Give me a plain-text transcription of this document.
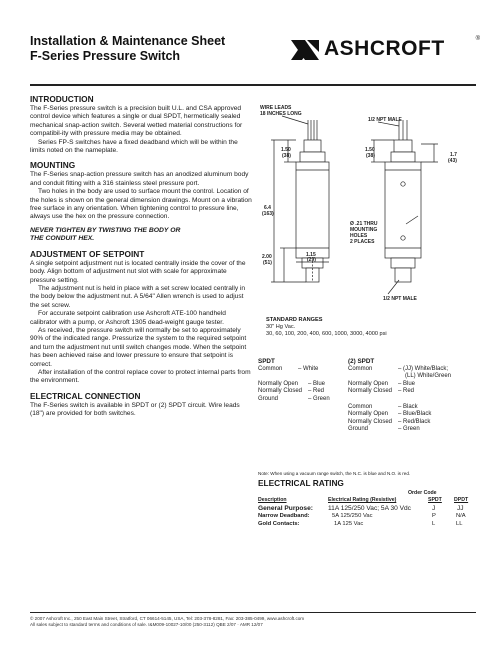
Installation & Maintenance Sheet
F-Series Pressure Switch	ASHCROFT	®
INTRODUCTION

The F-Series pressure switch is a precision built U.L. and CSA approved control device which features a single or dual SPDT, hermetically sealed mechanical snap-action switch. Several wetted material constructions for compatibil-ity with pressure media may be obtained.

Series FP-S switches have a fixed deadband which will be within the limits noted on the nameplate.

MOUNTING

The F-Series snap-action pressure switch has an anodized aluminum body and conduit fitting with a 316 stainless steel pressure port.

Two holes in the body are used to surface mount the control. Location of the holes is shown on the general dimension drawings. Mount on a vibration free surface in any orientation. When tightening control to pressure line, always use the hex on the pressure connection.

NEVER TIGHTEN BY TWISTING THE BODY OR
THE CONDUIT HEX.
ADJUSTMENT OF SETPOINT

A single setpoint adjustment nut is located centrally inside the cover of the body. Align bottom of adjustment nut slot with scale for approximate pressure setting.

The adjustment nut is held in place with a set screw located centrally in the body below the adjustment nut. A 5/64" Allen wrench is used to adjust the set screw.

For accurate setpoint calibration use Ashcroft ATE-100 handheld calibrator with a pump, or Ashcroft 1305 dead-weight gauge tester.

As received, the pressure switch will normally be set to approximately 90% of the indicated range. Pressurize the system to the required setpoint and turn the adjustment nut until switch changes mode. When the setpoint has been achieved raise and lower pressure to ensure that setpoint is correct.

After installation of the control replace cover to protect internal parts from the environment.

ELECTRICAL CONNECTION

The F-Series switch is available in SPDT or (2) SPDT circuit. Wire leads (18") are provided for both switches.

WIRE LEADS
18 INCHES LONG
1/2 NPT MALE
1.50
(38)
1.50
(38)	1.7
(43)
6.4
(163)
2.00
(51)
1.15
(29)
Ø .21 THRU
MOUNTING
HOLES
2 PLACES
1/2 NPT MALE
STANDARD RANGES
30" Hg Vac.
30, 60, 100, 200, 400, 600, 1000, 3000, 4000 psi
SPDT
Common	– White
Normally Open – Blue
Normally Closed – Red
Ground	– Green
(2) SPDT
Common	– (JJ) White/Black;
(LL) White/Green
Normally Open – Blue
Normally Closed – Red
Common	– Black
Normally Open – Blue/Black
Normally Closed – Red/Black
Ground	– Green
Note: When using a vacuum range switch, the N.C. is blue and N.O. is red.
ELECTRICAL RATING
Order Code
Description	Electrical Rating (Resistive)	SPDT DPDT
General Purpose: 11A 125/250 Vac; 5A 30 Vdc	J	JJ
Narrow Deadband:	5A 125/250 Vac	P	N/A
Gold Contacts:	1A 125 Vac	L	LL
© 2007 Ashcroft Inc., 250 East Main Street, Stratford, CT 06614-5145, USA, Tel: 203-378-8281, Fax: 203-385-0499, www.ashcroft.com
All sales subject to standard terms and conditions of sale. I&M009-10027-10/00 (250-3112) QBE 2/07 · AMR 12/07
